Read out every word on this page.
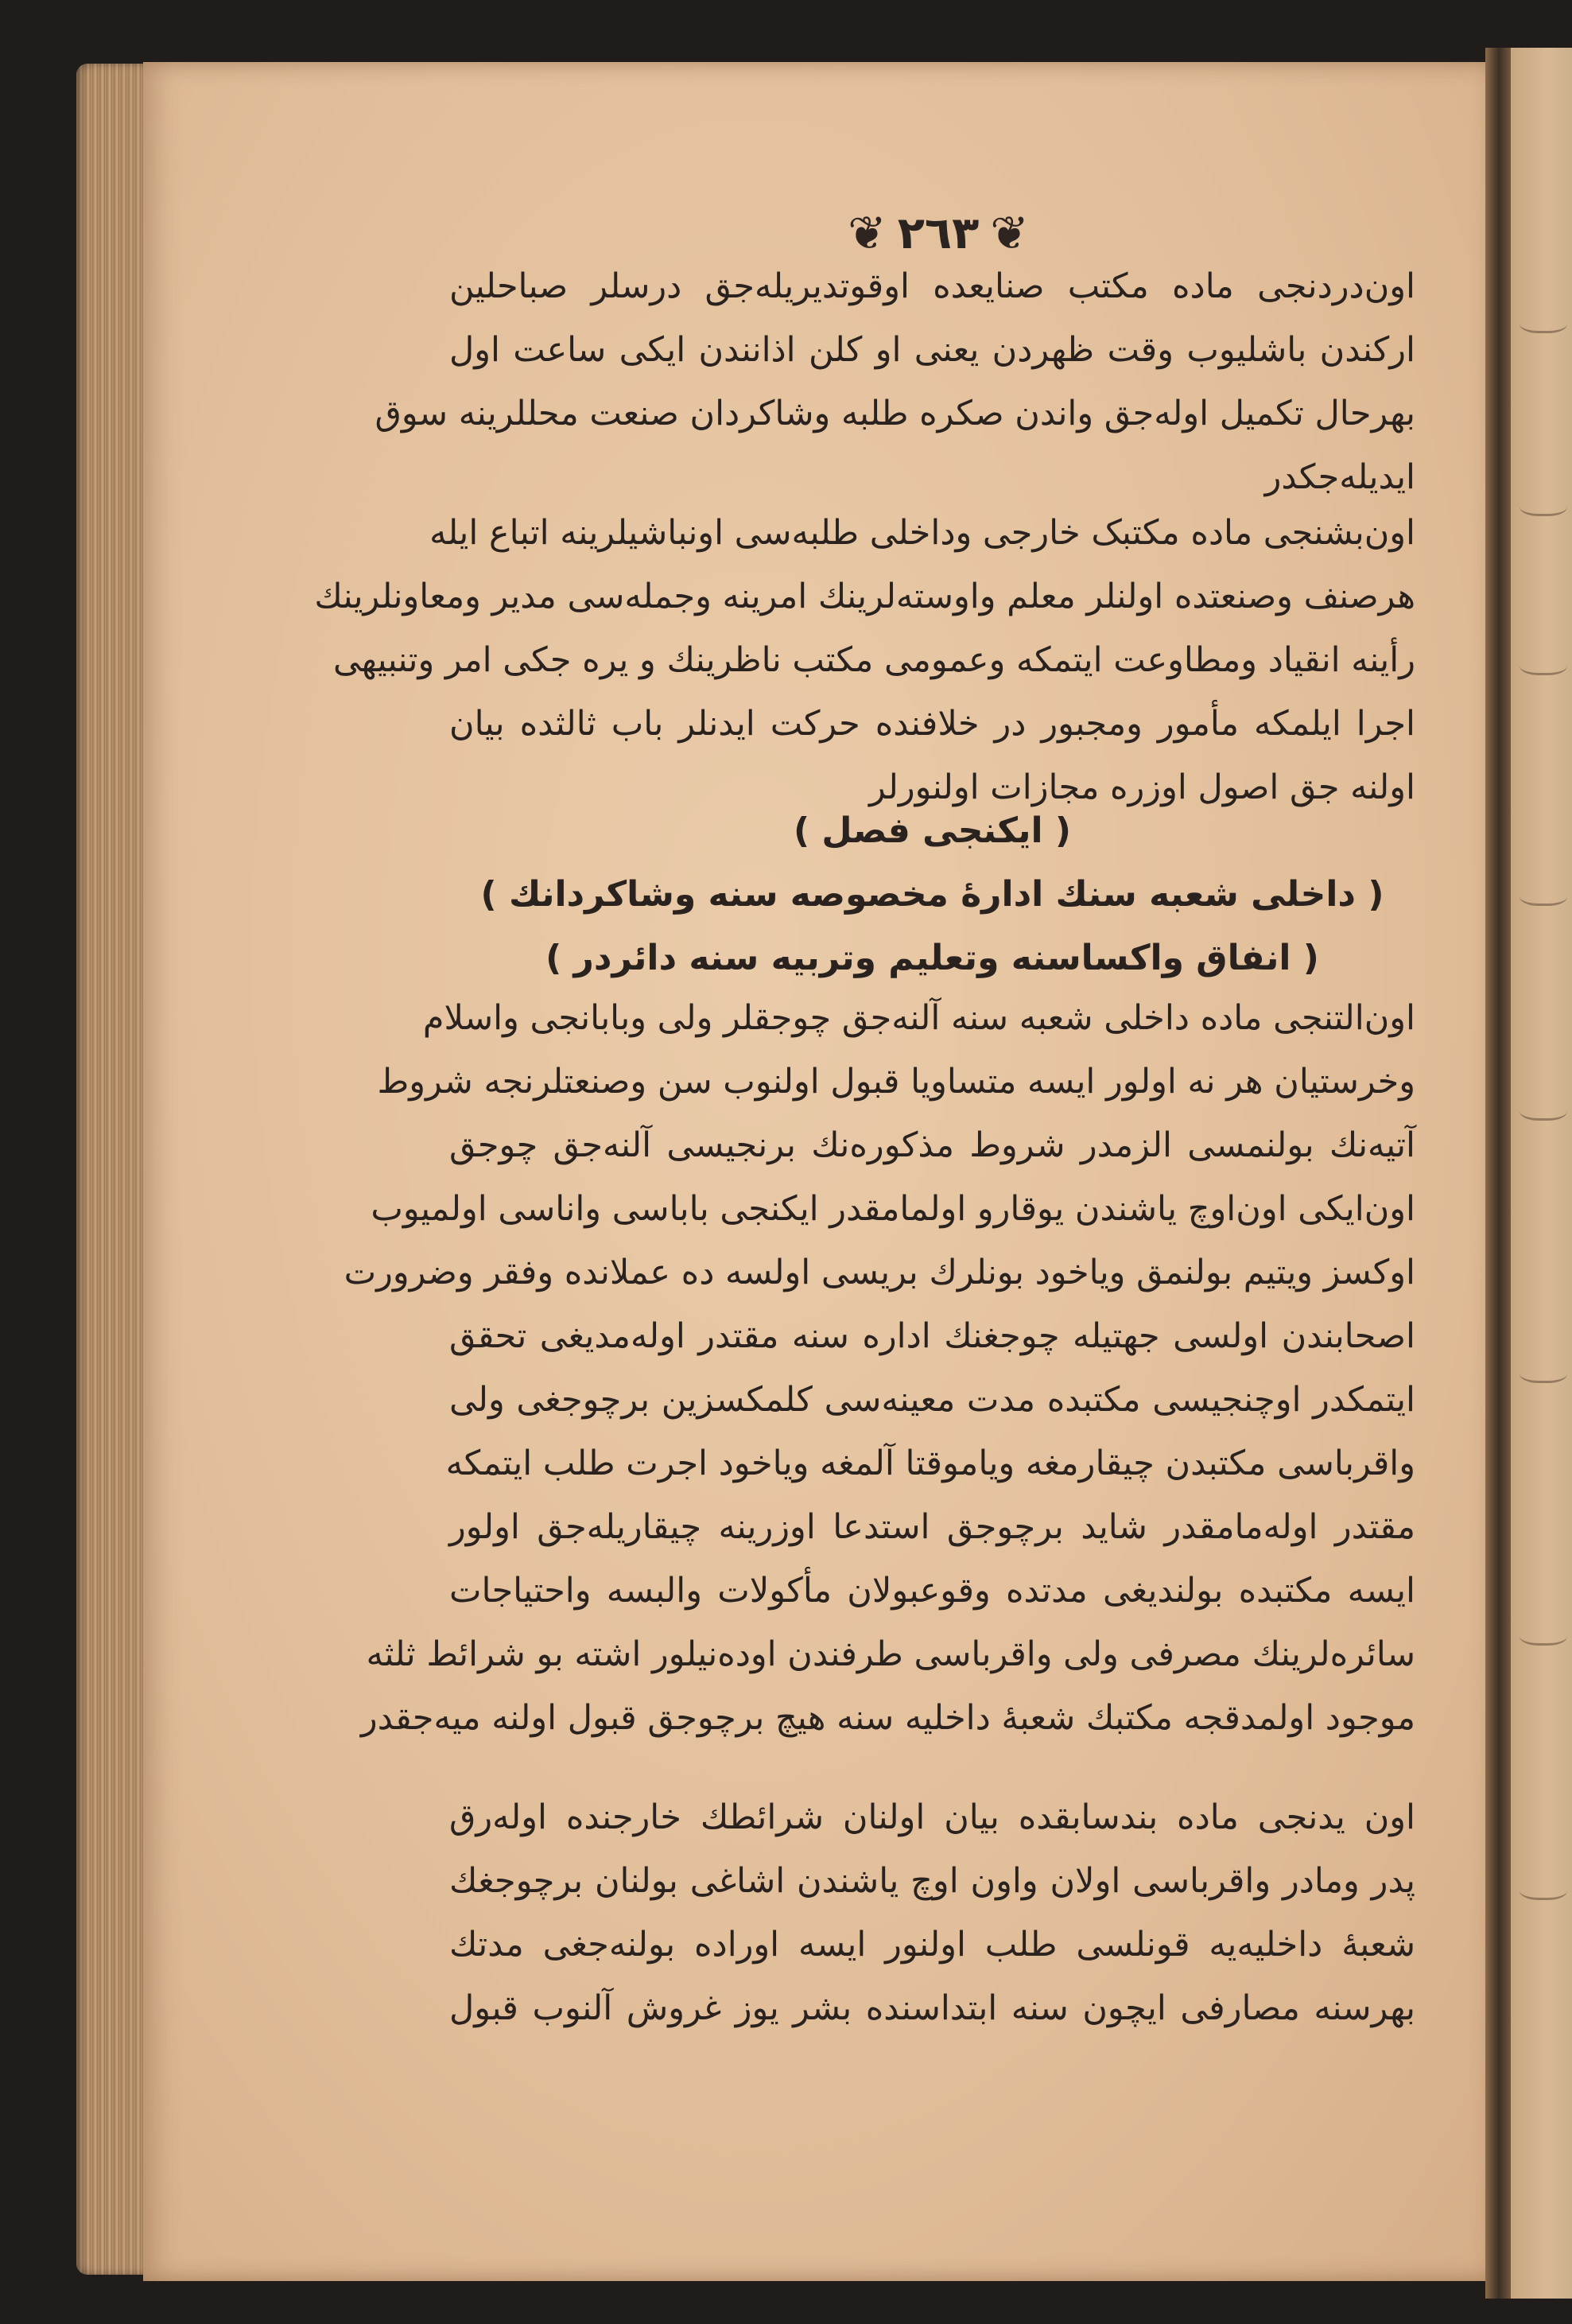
❦ ٢٦٣ ❦
اون‌دردنجی ماده مکتب صنایعده اوقوتدیریله‌جق درسلر صباحلین
ارکندن باشلیوب وقت ظهردن یعنی او کلن اذانندن ایکی ساعت اول
بهرحال تکمیل اوله‌جق واندن صکره طلبه وشاکردان صنعت محللرینه سوق
ایدیله‌جکدر
اون‌بشنجی ماده مکتبک خارجی وداخلی طلبه‌سی اونباشیلرینه اتباع ایله
هرصنف وصنعتده اولنلر معلم واوسته‌لرینك امرینه وجمله‌سی مدیر ومعاونلرینك
رأینه انقیاد ومطاوعت ایتمکه وعمومی مکتب ناظرینك و یره جکی امر وتنبیهی
اجرا ایلمکه مأمور ومجبور در خلافنده حرکت ایدنلر باب ثالثده بیان
اولنه جق اصول اوزره مجازات اولنورلر
( ایکنجی فصل )
( داخلی شعبه سنك ادارهٔ مخصوصه سنه وشاکردانك )
( انفاق واکساسنه وتعلیم وتربیه سنه دائردر )
اون‌التنجی ماده داخلی شعبه سنه آلنه‌جق چوجقلر ولی وبابانجی واسلام
وخرستیان هر نه اولور ایسه متساویا قبول اولنوب سن وصنعتلرنجه شروط
آتیه‌نك بولنمسی الزمدر شروط مذکوره‌نك برنجیسی آلنه‌جق چوجق
اون‌ایکی اون‌اوچ یاشندن یوقارو اولمامقدر ایکنجی باباسی واناسی اولمیوب
اوکسز ویتیم بولنمق ویاخود بونلرك بریسی اولسه ده عملانده وفقر وضرورت
اصحابندن اولسی جهتیله چوجغنك اداره سنه مقتدر اوله‌مدیغی تحقق
ایتمکدر اوچنجیسی مکتبده مدت معینه‌سی کلمکسزین برچوجغی ولی
واقرباسی مکتبدن چیقارمغه ویاموقتا آلمغه ویاخود اجرت طلب ایتمکه
مقتدر اوله‌مامقدر شاید برچوجق استدعا اوزرینه چیقاریله‌جق اولور
ایسه مکتبده بولندیغی مدتده وقوعبولان مأکولات والبسه واحتیاجات
سائره‌لرینك مصرفی ولی واقرباسی طرفندن اوده‌نیلور اشته بو شرائط ثلثه
موجود اولمدقجه مکتبك شعبهٔ داخلیه سنه هیچ برچوجق قبول اولنه میه‌جقدر
اون یدنجی ماده بندسابقده بیان اولنان شرائطك خارجنده اوله‌رق
پدر ومادر واقرباسی اولان واون اوچ یاشندن اشاغی بولنان برچوجغك
شعبهٔ داخلیه‌یه قونلسی طلب اولنور ایسه اوراده بولنه‌جغی مدتك
بهرسنه مصارفی ایچون سنه ابتداسنده بشر یوز غروش آلنوب قبول
